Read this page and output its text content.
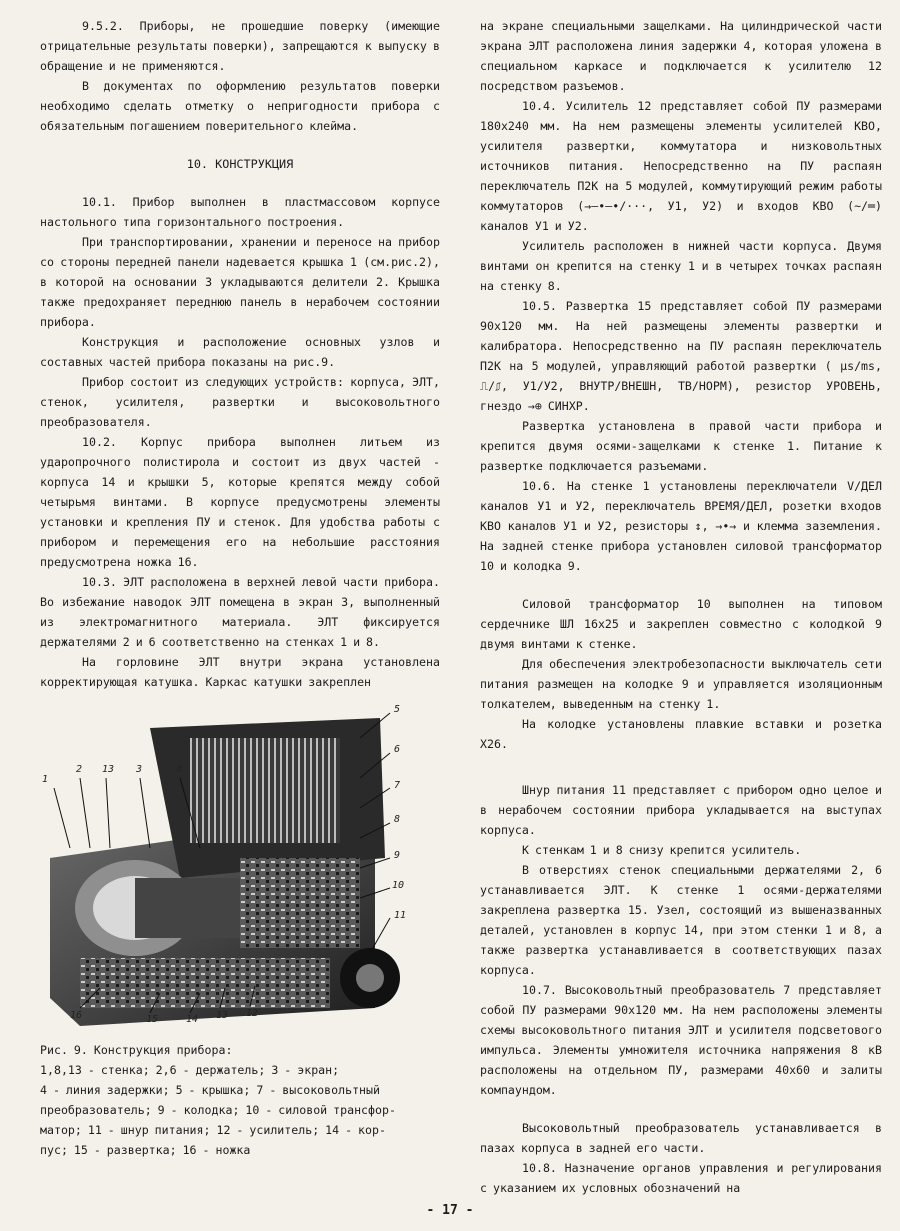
9.5.2. Приборы, не прошедшие поверку (имеющие отрицательные результаты поверки), запрещаются к выпуску в обращение и не применяются.

В документах по оформлению результатов поверки необходимо сделать отметку о непригодности прибора с обязательным погашением поверительного клейма.

10. КОНСТРУКЦИЯ

10.1. Прибор выполнен в пластмассовом корпусе настольного типа горизонтального построения.

При транспортировании, хранении и переносе на прибор со стороны передней панели надевается крышка 1 (см.рис.2), в которой на основании 3 укладываются делители 2. Крышка также предохраняет переднюю панель в нерабочем состоянии прибора.

Конструкция и расположение основных узлов и составных частей прибора показаны на рис.9.

Прибор состоит из следующих устройств: корпуса, ЭЛТ, стенок, усилителя, развертки и высоковольтного преобразователя.

10.2. Корпус прибора выполнен литьем из ударопрочного полистирола и состоит из двух частей - корпуса 14 и крышки 5, которые крепятся между собой четырьмя винтами. В корпусе предусмотрены элементы установки и крепления ПУ и стенок. Для удобства работы с прибором и перемещения его на небольшие расстояния предусмотрена ножка 16.

10.3. ЭЛТ расположена в верхней левой части прибора. Во избежание наводок ЭЛТ помещена в экран 3, выполненный из электромагнитного материала. ЭЛТ фиксируется держателями 2 и 6 соответственно на стенках 1 и 8.

На горловине ЭЛТ внутри экрана установлена корректирующая катушка. Каркас катушки закреплен

1
2 13 3	4
5
6
7
8
9
10
11
16	15	14 13 12

Рис. 9. Конструкция прибора:

1,8,13 - стенка; 2,6 - держатель; 3 - экран;

4 - линия задержки; 5 - крышка; 7 - высоковольтный

преобразователь; 9 - колодка; 10 - силовой трансфор-

матор; 11 - шнур питания; 12 - усилитель; 14 - кор-

пус; 15 - развертка; 16 - ножка

на экране специальными защелками. На цилиндрической части экрана ЭЛТ расположена линия задержки 4, которая уложена в специальном каркасе и подключается к усилителю 12 посредством разъемов.

10.4. Усилитель 12 представляет собой ПУ размерами 180х240 мм. На нем размещены элементы усилителей КВО, усилителя развертки, коммутатора и низковольтных источников питания. Непосредственно на ПУ распаян переключатель П2К на 5 модулей, коммутирующий режим работы коммутаторов (→—•—•/···, У1, У2) и входов КВО (∼/═) каналов У1 и У2.

Усилитель расположен в нижней части корпуса. Двумя винтами он крепится на стенку 1 и в четырех точках распаян на стенку 8.

10.5. Развертка 15 представляет собой ПУ размерами 90х120 мм. На ней размещены элементы развертки и калибратора. Непосредственно на ПУ распаян переключатель П2К на 5 модулей, управляющий работой развертки ( μs/ms, ⎍/⎎, У1/У2, ВНУТР/ВНЕШН, ТВ/НОРМ), резистор УРОВЕНЬ, гнездо →⊕ СИНХР.

Развертка установлена в правой части прибора и крепится двумя осями-защелками к стенке 1. Питание к развертке подключается разъемами.

10.6. На стенке 1 установлены переключатели V/ДЕЛ каналов У1 и У2, переключатель ВРЕМЯ/ДЕЛ, розетки входов КВО каналов У1 и У2, резисторы ↕, →•→ и клемма заземления. На задней стенке прибора установлен силовой трансформатор 10 и колодка 9.

Силовой трансформатор 10 выполнен на типовом сердечнике ШЛ 16х25 и закреплен совместно с колодкой 9 двумя винтами к стенке.

Для обеспечения электробезопасности выключатель сети питания размещен на колодке 9 и управляется изоляционным толкателем, выведенным на стенку 1.

На колодке установлены плавкие вставки и розетка Х26.

Шнур питания 11 представляет с прибором одно целое и в нерабочем состоянии прибора укладывается на выступах корпуса.

К стенкам 1 и 8 снизу крепится усилитель.

В отверстиях стенок специальными держателями 2, 6 устанавливается ЭЛТ. К стенке 1 осями-держателями закреплена развертка 15. Узел, состоящий из вышеназванных деталей, установлен в корпус 14, при этом стенки 1 и 8, а также развертка устанавливается в соответствующих пазах корпуса.

10.7. Высоковольтный преобразователь 7 представляет собой ПУ размерами 90х120 мм. На нем расположены элементы схемы высоковольтного питания ЭЛТ и усилителя подсветового импульса. Элементы умножителя источника напряжения 8 кВ расположены на отдельном ПУ, размерами 40х60 и залиты компаундом.

Высоковольтный преобразователь устанавливается в пазах корпуса в задней его части.

10.8. Назначение органов управления и регулирования с указанием их условных обозначений на

- 17 -
